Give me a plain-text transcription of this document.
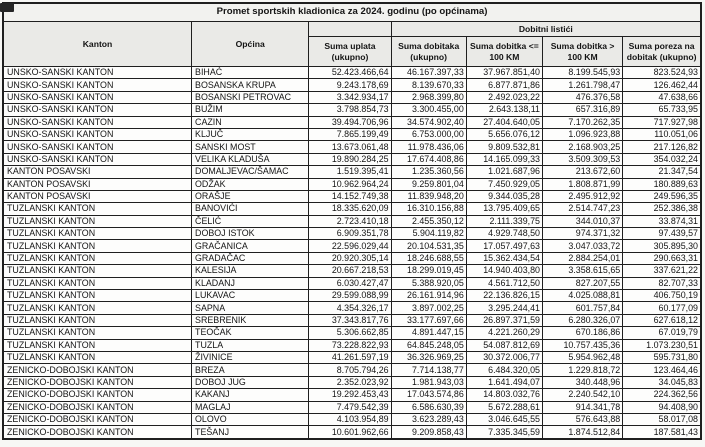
Promet sportskih kladionica za 2024. godinu (po općinama)						
Kanton	Općina		Dobitni listići			
		Suma uplata (ukupno)	Suma dobitaka (ukupno)	Suma dobitka <= 100 KM	Suma dobitka > 100 KM	Suma poreza na dobitak (ukupno)
UNSKO-SANSKI KANTON	BIHAĆ	52.423.466,64	46.167.397,33	37.967.851,40	8.199.545,93	823.524,93
UNSKO-SANSKI KANTON	BOSANSKA KRUPA	9.243.178,69	8.139.670,33	6.877.871,86	1.261.798,47	126.462,44
UNSKO-SANSKI KANTON	BOSANSKI PETROVAC	3.342.934,17	2.968.399,80	2.492.023,22	476.376,58	47.638,66
UNSKO-SANSKI KANTON	BUŽIM	3.798.854,73	3.300.455,00	2.643.138,11	657.316,89	65.733,95
UNSKO-SANSKI KANTON	CAZIN	39.494.706,96	34.574.902,40	27.404.640,05	7.170.262,35	717.927,98
UNSKO-SANSKI KANTON	KLJUČ	7.865.199,49	6.753.000,00	5.656.076,12	1.096.923,88	110.051,06
UNSKO-SANSKI KANTON	SANSKI MOST	13.673.061,48	11.978.436,06	9.809.532,81	2.168.903,25	217.126,82
UNSKO-SANSKI KANTON	VELIKA KLADUŠA	19.890.284,25	17.674.408,86	14.165.099,33	3.509.309,53	354.032,24
KANTON POSAVSKI	DOMALJEVAC/ŠAMAC	1.519.395,41	1.235.360,56	1.021.687,96	213.672,60	21.347,54
KANTON POSAVSKI	ODŽAK	10.962.964,24	9.259.801,04	7.450.929,05	1.808.871,99	180.889,63
KANTON POSAVSKI	ORAŠJE	14.152.749,38	11.839.948,20	9.344.035,28	2.495.912,92	249.596,35
TUZLANSKI KANTON	BANOVIĆI	18.335.620,09	16.310.156,88	13.795.409,65	2.514.747,23	252.386,38
TUZLANSKI KANTON	ČELIĆ	2.723.410,18	2.455.350,12	2.111.339,75	344.010,37	33.874,31
TUZLANSKI KANTON	DOBOJ ISTOK	6.909.351,78	5.904.119,82	4.929.748,50	974.371,32	97.439,57
TUZLANSKI KANTON	GRAČANICA	22.596.029,44	20.104.531,35	17.057.497,63	3.047.033,72	305.895,30
TUZLANSKI KANTON	GRADAČAC	20.920.305,14	18.246.688,55	15.362.434,54	2.884.254,01	290.663,31
TUZLANSKI KANTON	KALESIJA	20.667.218,53	18.299.019,45	14.940.403,80	3.358.615,65	337.621,22
TUZLANSKI KANTON	KLADANJ	6.030.427,47	5.388.920,05	4.561.712,50	827.207,55	82.707,33
TUZLANSKI KANTON	LUKAVAC	29.599.088,99	26.161.914,96	22.136.826,15	4.025.088,81	406.750,19
TUZLANSKI KANTON	SAPNA	4.354.326,17	3.897.002,25	3.295.244,41	601.757,84	60.177,09
TUZLANSKI KANTON	SREBRENIK	37.343.817,76	33.177.697,66	26.897.371,59	6.280.326,07	627.618,12
TUZLANSKI KANTON	TEOČAK	5.306.662,85	4.891.447,15	4.221.260,29	670.186,86	67.019,79
TUZLANSKI KANTON	TUZLA	73.228.822,93	64.845.248,05	54.087.812,69	10.757.435,36	1.073.230,51
TUZLANSKI KANTON	ŽIVINICE	41.261.597,19	36.326.969,25	30.372.006,77	5.954.962,48	595.731,80
ZENICKO-DOBOJSKI KANTON	BREZA	8.705.794,26	7.714.138,77	6.484.320,05	1.229.818,72	123.464,46
ZENICKO-DOBOJSKI KANTON	DOBOJ JUG	2.352.023,92	1.981.943,03	1.641.494,07	340.448,96	34.045,83
ZENICKO-DOBOJSKI KANTON	KAKANJ	19.292.453,43	17.043.574,86	14.803.032,76	2.240.542,10	224.362,56
ZENICKO-DOBOJSKI KANTON	MAGLAJ	7.479.542,39	6.586.630,39	5.672.288,61	914.341,78	94.408,90
ZENICKO-DOBOJSKI KANTON	OLOVO	4.103.954,89	3.623.289,43	3.046.645,55	576.643,88	58.017,08
ZENICKO-DOBOJSKI KANTON	TEŠANJ	10.601.962,66	9.209.858,43	7.335.345,59	1.874.512,84	187.581,43
